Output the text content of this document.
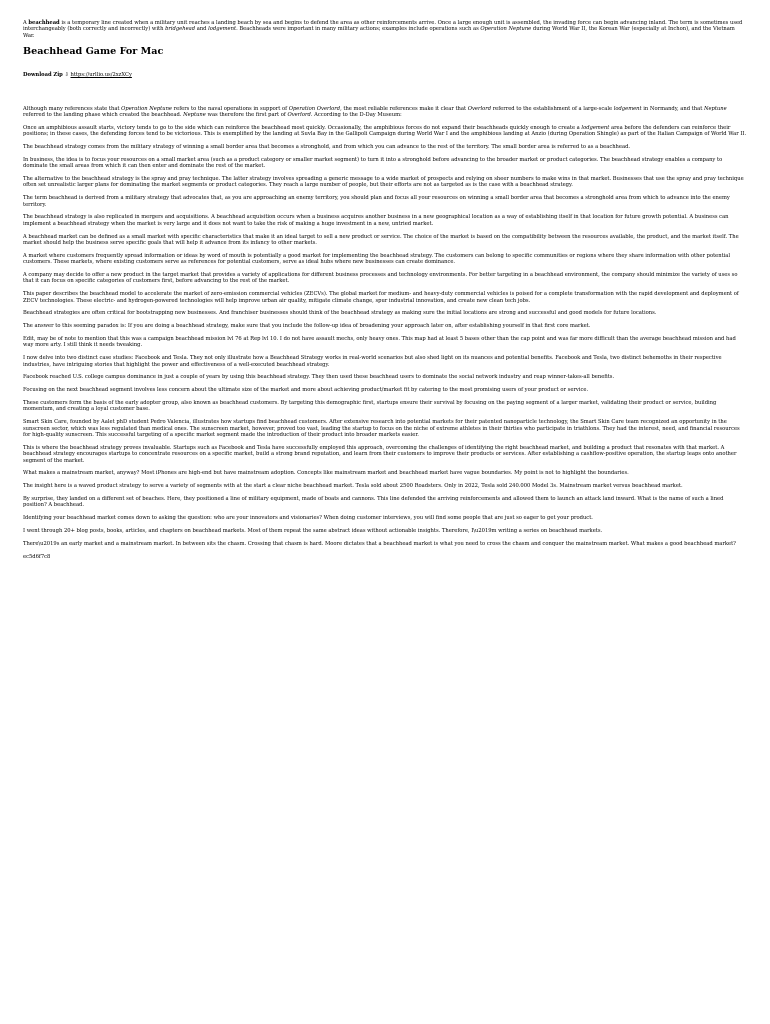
A beachhead is a temporary line created when a military unit reaches a landing beach by sea and begins to defend the area as other reinforcements arrive. Once a large enough unit is assembled, the invading force can begin advancing inland. The term is sometimes used interchangeably (both correctly and incorrectly) with bridgehead and lodgement. Beachheads were important in many military actions; examples include operations such as Operation Neptune during World War II, the Korean War (especially at Inchon), and the Vietnam War.

Beachhead Game For Mac
Download Zip ⇩ https://urllio.us/2xzXCy

Although many references state that Operation Neptune refers to the naval operations in support of Operation Overlord, the most reliable references make it clear that Overlord referred to the establishment of a large-scale lodgement in Normandy, and that Neptune referred to the landing phase which created the beachhead. Neptune was therefore the first part of Overlord. According to the D-Day Museum:

Once an amphibious assault starts, victory tends to go to the side which can reinforce the beachhead most quickly. Occasionally, the amphibious forces do not expand their beachheads quickly enough to create a lodgement area before the defenders can reinforce their positions; in these cases, the defending forces tend to be victorious. This is exemplified by the landing at Suvla Bay in the Gallipoli Campaign during World War I and the amphibious landing at Anzio (during Operation Shingle) as part of the Italian Campaign of World War II.

The beachhead strategy comes from the military strategy of winning a small border area that becomes a stronghold, and from which you can advance to the rest of the territory. The small border area is referred to as a beachhead.

In business, the idea is to focus your resources on a small market area (such as a product category or smaller market segment) to turn it into a stronghold before advancing to the broader market or product categories. The beachhead strategy enables a company to dominate the small areas from which it can then enter and dominate the rest of the market.

The alternative to the beachhead strategy is the spray and pray technique. The latter strategy involves spreading a generic message to a wide market of prospects and relying on sheer numbers to make wins in that market. Businesses that use the spray and pray technique often set unrealistic larger plans for dominating the market segments or product categories. They reach a large number of people, but their efforts are not as targeted as is the case with a beachhead strategy.

The term beachhead is derived from a military strategy that advocates that, as you are approaching an enemy territory, you should plan and focus all your resources on winning a small border area that becomes a stronghold area from which to advance into the enemy territory.

The beachhead strategy is also replicated in mergers and acquisitions. A beachhead acquisition occurs when a business acquires another business in a new geographical location as a way of establishing itself in that location for future growth potential. A business can implement a beachhead strategy when the market is very large and it does not want to take the risk of making a huge investment in a new, untried market.

A beachhead market can be defined as a small market with specific characteristics that make it an ideal target to sell a new product or service. The choice of the market is based on the compatibility between the resources available, the product, and the market itself. The market should help the business serve specific goals that will help it advance from its infancy to other markets.

A market where customers frequently spread information or ideas by word of mouth is potentially a good market for implementing the beachhead strategy. The customers can belong to specific communities or regions where they share information with other potential customers. These markets, where existing customers serve as references for potential customers, serve as ideal hubs where new businesses can create dominance.

A company may decide to offer a new product in the target market that provides a variety of applications for different business processes and technology environments. For better targeting in a beachhead environment, the company should minimize the variety of uses so that it can focus on specific categories of customers first, before advancing to the rest of the market.

This paper describes the beachhead model to accelerate the market of zero-emission commercial vehicles (ZECVs). The global market for medium- and heavy-duty commercial vehicles is poised for a complete transformation with the rapid development and deployment of ZECV technologies. These electric- and hydrogen-powered technologies will help improve urban air quality, mitigate climate change, spur industrial innovation, and create new clean tech jobs.

Beachhead strategies are often critical for bootstrapping new businesses. And franchiser businesses should think of the beachhead strategy as making sure the initial locations are strong and successful and good models for future locations.

The answer to this seeming paradox is: If you are doing a beachhead strategy, make sure that you include the follow-up idea of broadening your approach later on, after establishing yourself in that first core market.

Edit, may be of note to mention that this was a campaign beachhead mission lvl 76 at Rep lvl 10. I do not have assault mechs, only heavy ones. This map had at least 5 bases other than the cap point and was far more difficult than the average beachhead mission and had way more arty. I still think it needs tweaking.

I now delve into two distinct case studies: Facebook and Tesla. They not only illustrate how a Beachhead Strategy works in real-world scenarios but also shed light on its nuances and potential benefits. Facebook and Tesla, two distinct behemoths in their respective industries, have intriguing stories that highlight the power and effectiveness of a well-executed beachhead strategy.

Facebook reached U.S. college campus dominance in just a couple of years by using this beachhead strategy. They then used these beachhead users to dominate the social network industry and reap winner-takes-all benefits.

Focusing on the next beachhead segment involves less concern about the ultimate size of the market and more about achieving product/market fit by catering to the most promising users of your product or service.

These customers form the basis of the early adopter group, also known as beachhead customers. By targeting this demographic first, startups ensure their survival by focusing on the paying segment of a larger market, validating their product or service, building momentum, and creating a loyal customer base.

Smart Skin Care, founded by Aalet phD student Pedro Valencia, illustrates how startups find beachhead customers. After extensive research into potential markets for their patented nanoparticle technology, the Smart Skin Care team recognized an opportunity in the sunscreen sector, which was less regulated than medical ones. The sunscreen market, however, proved too vast, leading the startup to focus on the niche of extreme athletes in their thirties who participate in triathlons. They had the interest, need, and financial resources for high-quality sunscreen. This successful targeting of a specific market segment made the introduction of their product into broader markets easier.

This is where the beachhead strategy proves invaluable. Startups such as Facebook and Tesla have successfully employed this approach, overcoming the challenges of identifying the right beachhead market, and building a product that resonates with that market. A beachhead strategy encourages startups to concentrate resources on a specific market, build a strong brand reputation, and learn from their customers to improve their products or services. After establishing a cashflow-positive operation, the startup leaps onto another segment of the market.

What makes a mainstream market, anyway? Most iPhones are high-end but have mainstream adoption. Concepts like mainstream market and beachhead market have vague boundaries. My point is not to highlight the boundaries.

The insight here is a waved product strategy to serve a variety of segments with at the start a clear niche beachhead market. Tesla sold about 2500 Roadsters. Only in 2022, Tesla sold 240.000 Model 3s. Mainstream market versus beachhead market.

By surprise, they landed on a different set of beaches. Here, they positioned a line of military equipment, made of boats and cannons. This line defended the arriving reinforcements and allowed them to launch an attack land inward. What is the name of such a lined position? A beachhead.

Identifying your beachhead market comes down to asking the question: who are your innovators and visionaries? When doing customer interviews, you will find some people that are just so eager to get your product.

I went through 20+ blog posts, books, articles, and chapters on beachhead markets. Most of them repeat the same abstract ideas without actionable insights. Therefore, I\u2019m writing a series on beachhead markets.

There\u2019s an early market and a mainstream market. In between sits the chasm. Crossing that chasm is hard. Moore dictates that a beachhead market is what you need to cross the chasm and conquer the mainstream market. What makes a good beachhead market?

ec5d6f7c8
